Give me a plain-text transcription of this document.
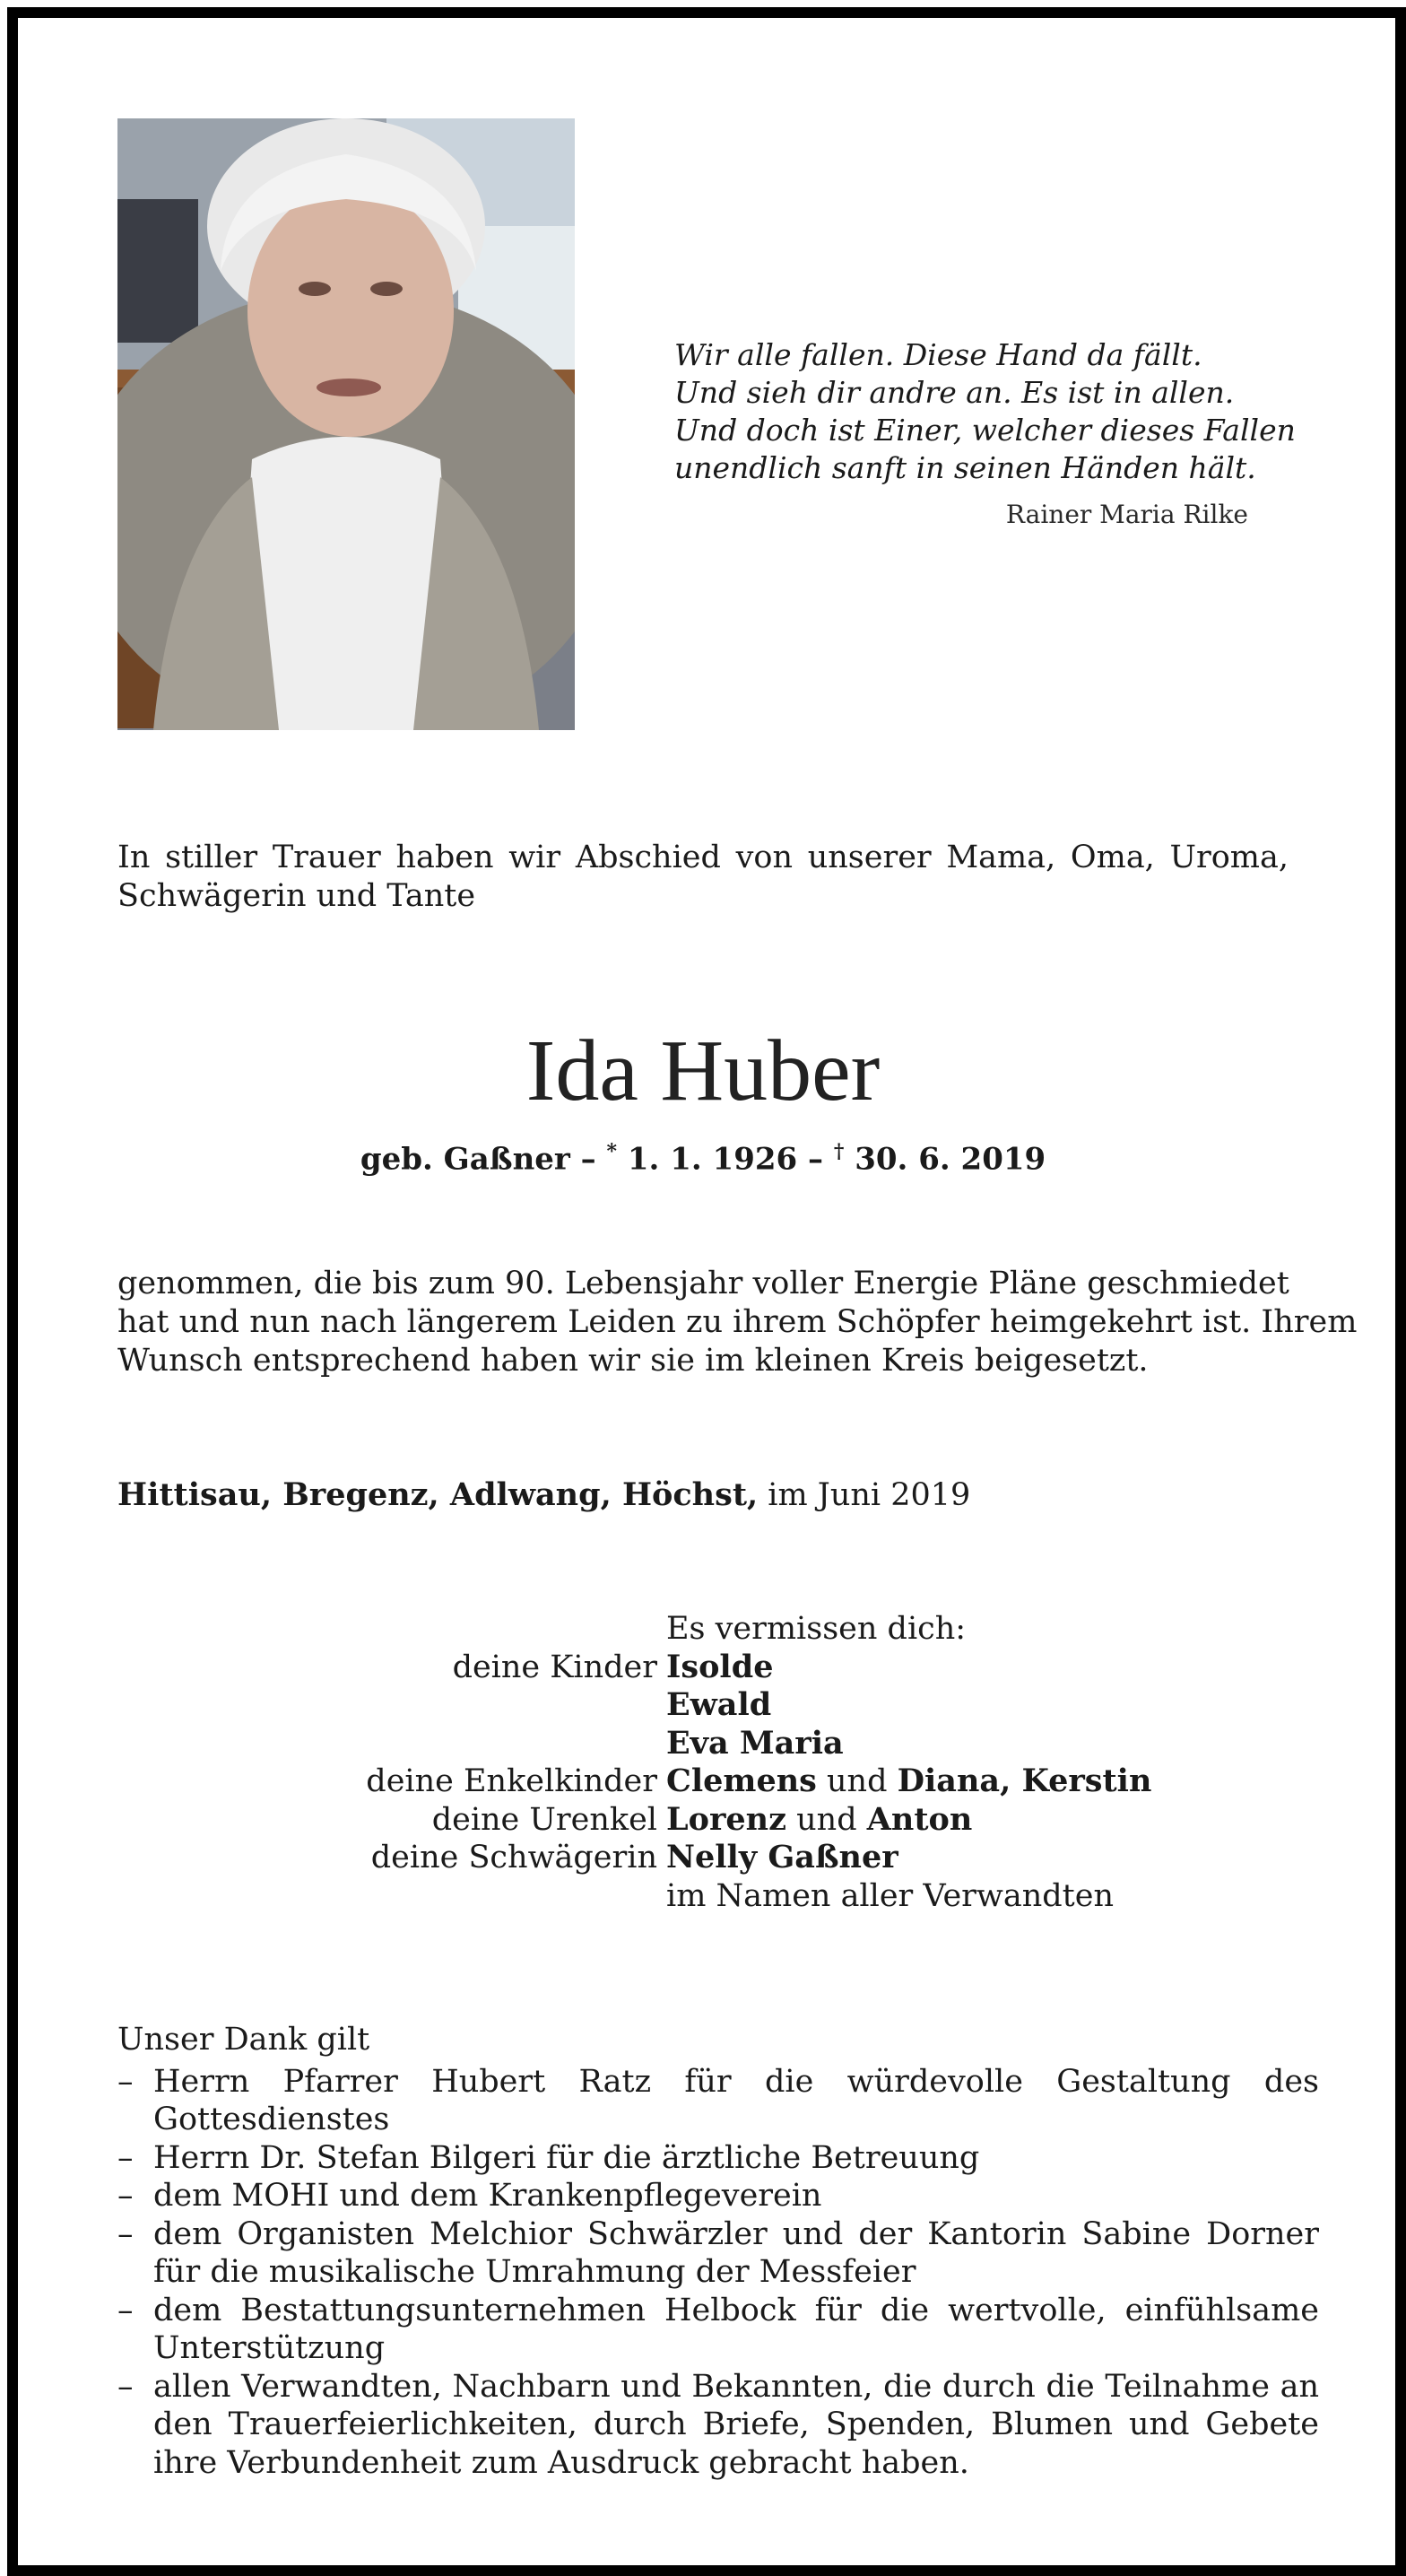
Wir alle fallen. Diese Hand da fällt.
Und sieh dir andre an. Es ist in allen.
Und doch ist Einer, welcher dieses Fallen
unendlich sanft in seinen Händen hält.
Rainer Maria Rilke
In stiller Trauer haben wir Abschied von unserer Mama, Oma, Uroma, Schwägerin und Tante
Ida Huber
geb. Gaßner – * 1. 1. 1926 – † 30. 6. 2019
genommen, die bis zum 90. Lebensjahr voller Energie Pläne geschmiedet
hat und nun nach längerem Leiden zu ihrem Schöpfer heimgekehrt ist. Ihrem
Wunsch entsprechend haben wir sie im kleinen Kreis beigesetzt.
Hittisau, Bregenz, Adlwang, Höchst, im Juni 2019
Es vermissen dich:
deine Kinder Isolde
Ewald
Eva Maria
deine Enkelkinder Clemens und Diana, Kerstin
deine Urenkel Lorenz und Anton
deine Schwägerin Nelly Gaßner
im Namen aller Verwandten
Unser Dank gilt
– Herrn Pfarrer Hubert Ratz für die würdevolle Gestaltung des Gottesdienstes
– Herrn Dr. Stefan Bilgeri für die ärztliche Betreuung
– dem MOHI und dem Krankenpflegeverein
– dem Organisten Melchior Schwärzler und der Kantorin Sabine Dorner für die musikalische Umrahmung der Messfeier
– dem Bestattungsunternehmen Helbock für die wertvolle, einfühlsame Unterstützung
– allen Verwandten, Nachbarn und Bekannten, die durch die Teilnahme an den Trauerfeierlichkeiten, durch Briefe, Spenden, Blumen und Gebete ihre Verbundenheit zum Ausdruck gebracht haben.
